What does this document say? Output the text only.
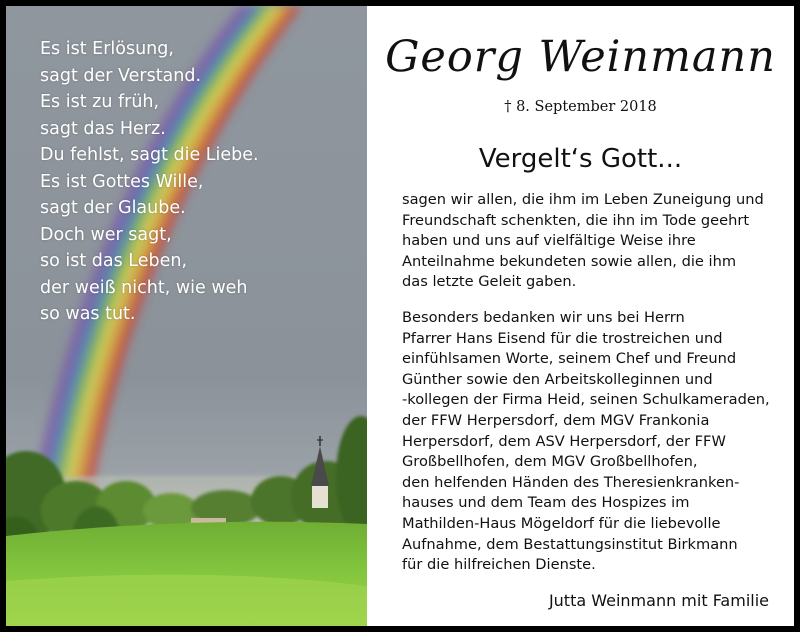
Es ist Erlösung,
sagt der Verstand.
Es ist zu früh,
sagt das Herz.
Du fehlst, sagt die Liebe.
Es ist Gottes Wille,
sagt der Glaube.
Doch wer sagt,
so ist das Leben,
der weiß nicht, wie weh
so was tut.
Georg Weinmann
† 8. September 2018
Vergelt‘s Gott...
sagen wir allen, die ihm im Leben Zuneigung und
Freundschaft schenkten, die ihn im Tode geehrt
haben und uns auf vielfältige Weise ihre
Anteilnahme bekundeten sowie allen, die ihm
das letzte Geleit gaben.
Besonders bedanken wir uns bei Herrn
Pfarrer Hans Eisend für die trostreichen und
einfühlsamen Worte, seinem Chef und Freund
Günther sowie den Arbeitskolleginnen und
-kollegen der Firma Heid, seinen Schulkameraden,
der FFW Herpersdorf, dem MGV Frankonia
Herpersdorf, dem ASV Herpersdorf, der FFW
Großbellhofen, dem MGV Großbellhofen,
den helfenden Händen des Theresienkranken-
hauses und dem Team des Hospizes im
Mathilden-Haus Mögeldorf für die liebevolle
Aufnahme, dem Bestattungsinstitut Birkmann
für die hilfreichen Dienste.
Jutta Weinmann mit Familie
